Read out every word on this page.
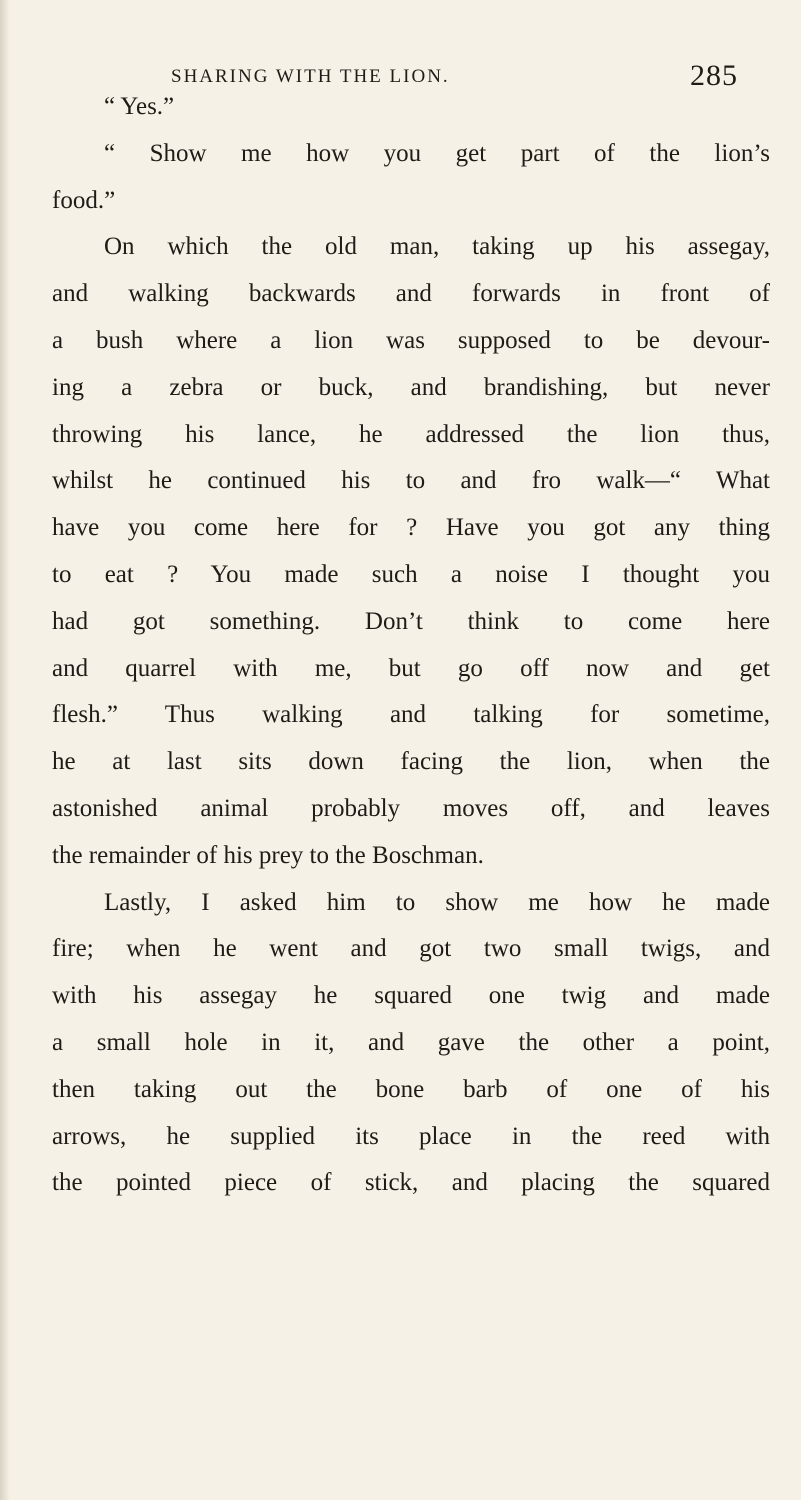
SHARING WITH THE LION.	285
“ Yes.”
“ Show me how you get part of the lion’s
food.”
On which the old man, taking up his assegay,
and walking backwards and forwards in front of
a bush where a lion was supposed to be devour-
ing a zebra or buck, and brandishing, but never
throwing his lance, he addressed the lion thus,
whilst he continued his to and fro walk—“ What
have you come here for ? Have you got any thing
to eat ? You made such a noise I thought you
had got something. Don’t think to come here
and quarrel with me, but go off now and get
flesh.” Thus walking and talking for sometime,
he at last sits down facing the lion, when the
astonished animal probably moves off, and leaves
the remainder of his prey to the Boschman.
Lastly, I asked him to show me how he made
fire; when he went and got two small twigs, and
with his assegay he squared one twig and made
a small hole in it, and gave the other a point,
then taking out the bone barb of one of his
arrows, he supplied its place in the reed with
the pointed piece of stick, and placing the squared
